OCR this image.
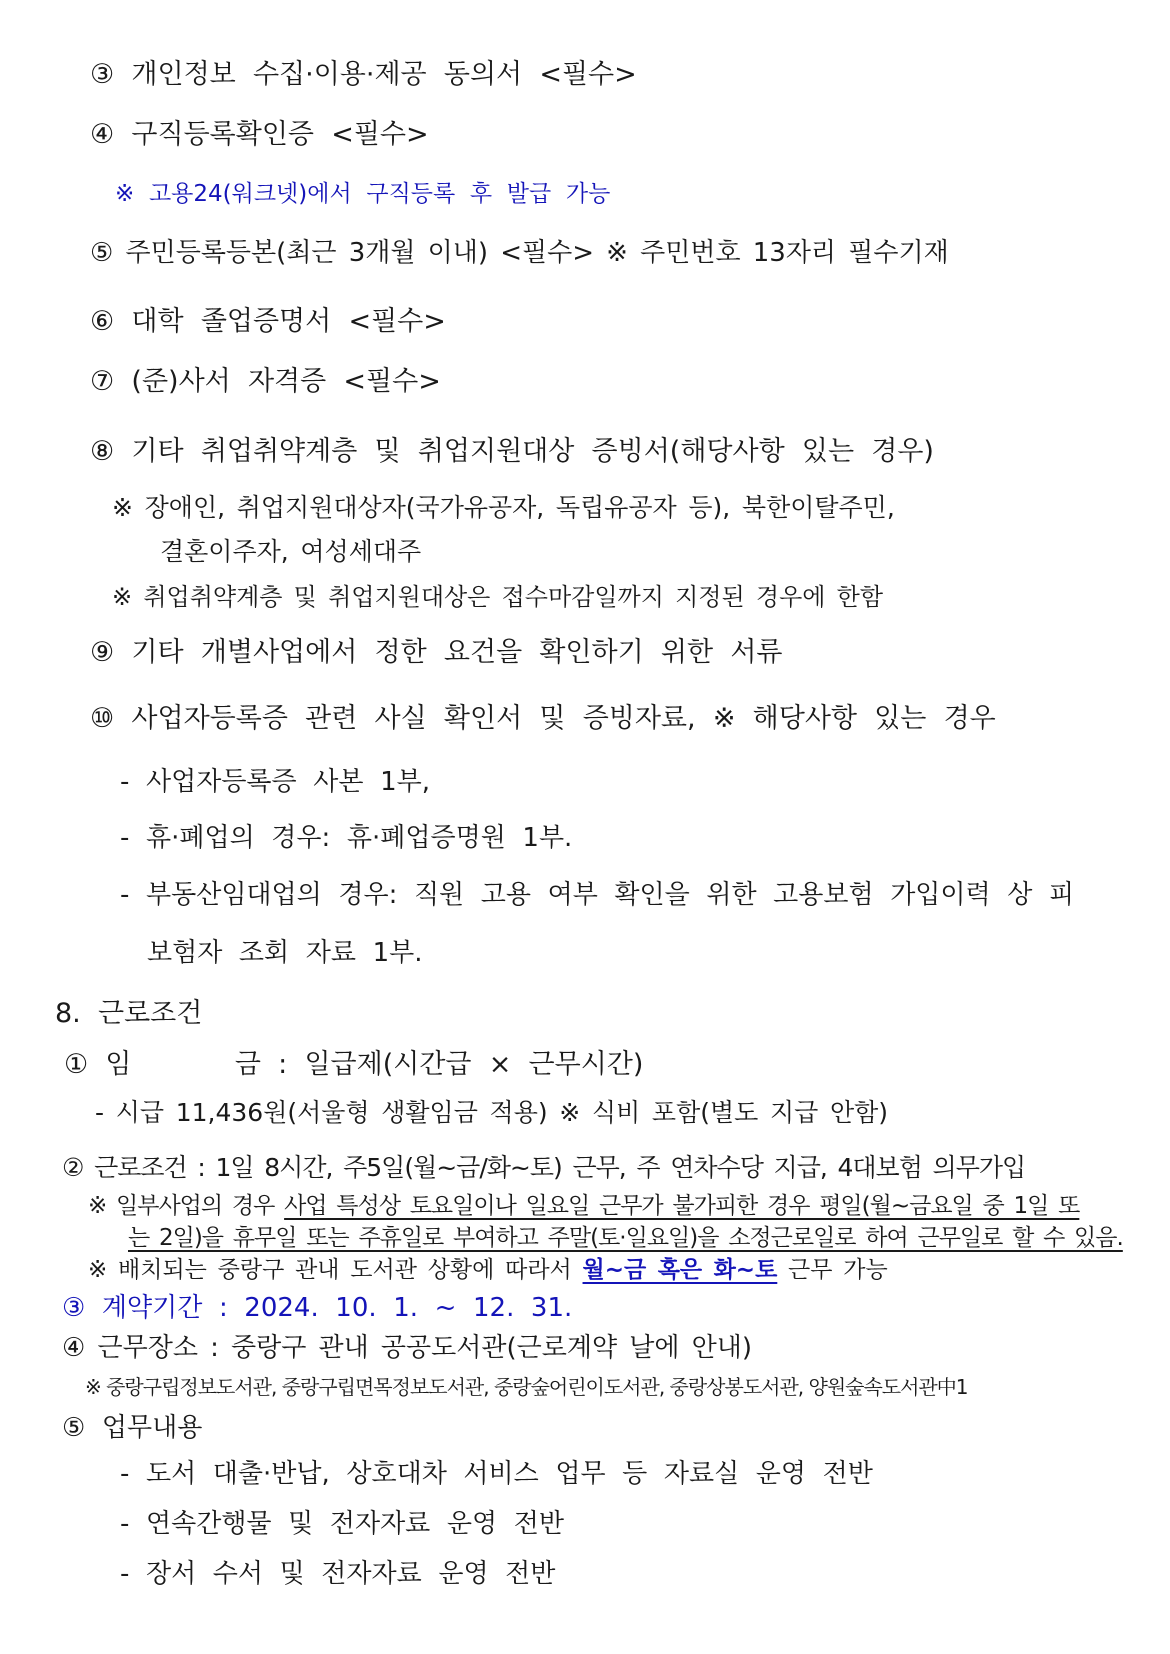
③ 개인정보 수집·이용·제공 동의서 <필수>
④ 구직등록확인증 <필수>
※ 고용24(워크넷)에서 구직등록 후 발급 가능
⑤ 주민등록등본(최근 3개월 이내) <필수> ※ 주민번호 13자리 필수기재
⑥ 대학 졸업증명서 <필수>
⑦ (준)사서 자격증 <필수>
⑧ 기타 취업취약계층 및 취업지원대상 증빙서(해당사항 있는 경우)
※ 장애인, 취업지원대상자(국가유공자, 독립유공자 등), 북한이탈주민,
결혼이주자, 여성세대주
※ 취업취약계층 및 취업지원대상은 접수마감일까지 지정된 경우에 한함
⑨ 기타 개별사업에서 정한 요건을 확인하기 위한 서류
⑩ 사업자등록증 관련 사실 확인서 및 증빙자료, ※ 해당사항 있는 경우
- 사업자등록증 사본 1부,
- 휴·폐업의 경우: 휴·폐업증명원 1부.
- 부동산임대업의 경우: 직원 고용 여부 확인을 위한 고용보험 가입이력 상 피
보험자 조회 자료 1부.
8. 근로조건
① 임      금 : 일급제(시간급 × 근무시간)
- 시급 11,436원(서울형 생활임금 적용) ※ 식비 포함(별도 지급 안함)
② 근로조건 : 1일 8시간, 주5일(월~금/화~토) 근무, 주 연차수당 지급, 4대보험 의무가입
※ 일부사업의 경우 사업 특성상 토요일이나 일요일 근무가 불가피한 경우 평일(월~금요일 중 1일 또
는 2일)을 휴무일 또는 주휴일로 부여하고 주말(토·일요일)을 소정근로일로 하여 근무일로 할 수 있음.
※ 배치되는 중랑구 관내 도서관 상황에 따라서 월~금 혹은 화~토 근무 가능
③ 계약기간 : 2024. 10. 1. ~ 12. 31.
④ 근무장소 : 중랑구 관내 공공도서관(근로계약 날에 안내)
※ 중랑구립정보도서관, 중랑구립면목정보도서관, 중랑숲어린이도서관, 중랑상봉도서관, 양원숲속도서관中1
⑤ 업무내용
- 도서 대출·반납, 상호대차 서비스 업무 등 자료실 운영 전반
- 연속간행물 및 전자자료 운영 전반
- 장서 수서 및 전자자료 운영 전반
